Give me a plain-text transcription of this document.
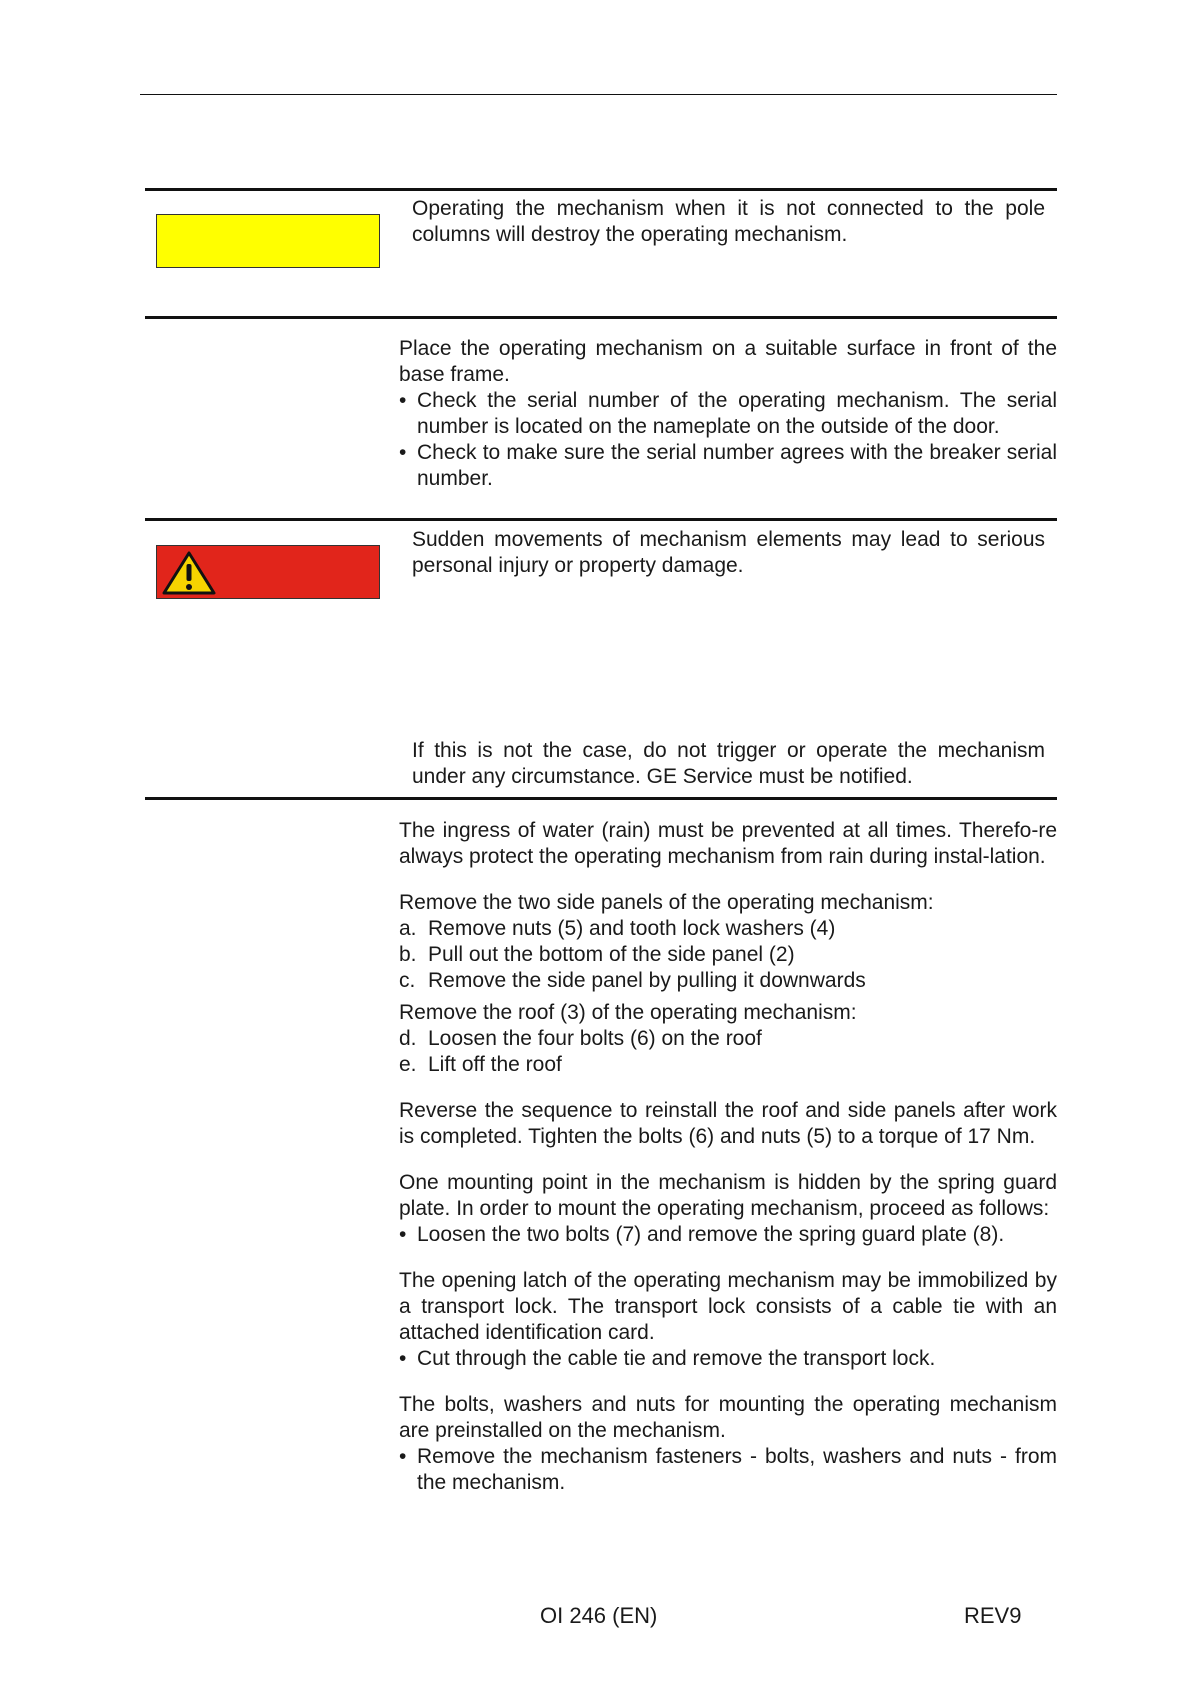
Operating the mechanism when it is not connected to the pole columns will destroy the operating mechanism.

Place the operating mechanism on a suitable surface in front of the base frame.

• Check the serial number of the operating mechanism. The serial number is located on the nameplate on the outside of the door.

• Check to make sure the serial number agrees with the breaker serial number.

Sudden movements of mechanism elements may lead to serious personal injury or property damage.

If this is not the case, do not trigger or operate the mechanism under any circumstance. GE Service must be notified.

The ingress of water (rain) must be prevented at all times. Therefo-re always protect the operating mechanism from rain during instal-lation.

Remove the two side panels of the operating mechanism:

a. Remove nuts (5) and tooth lock washers (4)

b. Pull out the bottom of the side panel (2)

c. Remove the side panel by pulling it downwards

Remove the roof (3) of the operating mechanism:

d. Loosen the four bolts (6) on the roof

e. Lift off the roof

Reverse the sequence to reinstall the roof and side panels after work is completed. Tighten the bolts (6) and nuts (5) to a torque of 17 Nm.

One mounting point in the mechanism is hidden by the spring guard plate. In order to mount the operating mechanism, proceed as follows:

• Loosen the two bolts (7) and remove the spring guard plate (8).

The opening latch of the operating mechanism may be immobilized by a transport lock. The transport lock consists of a cable tie with an attached identification card.

• Cut through the cable tie and remove the transport lock.

The bolts, washers and nuts for mounting the operating mechanism are preinstalled on the mechanism.

• Remove the mechanism fasteners - bolts, washers and nuts - from the mechanism.

OI 246 (EN)	REV9
